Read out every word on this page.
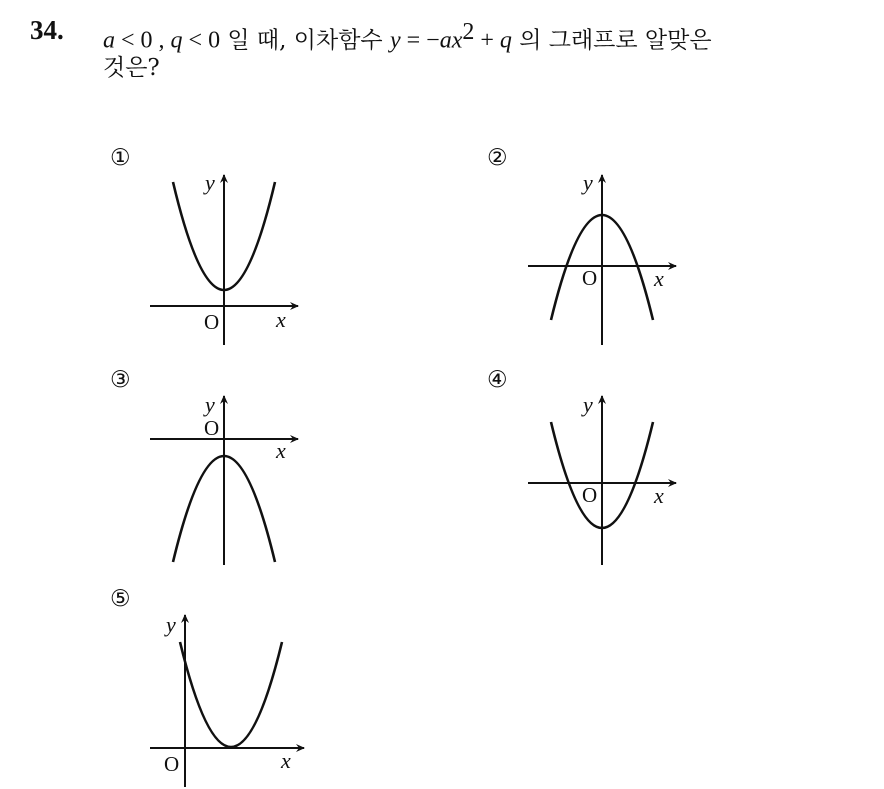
34. a < 0 , q < 0 일 때, 이차함수 $y = -ax^2 + q$ 의 그래프로 알맞은
것은?
①	②
③	④
⑤
y
x
O
y
x
O
y
x
O
y
x
O
y
x
O
